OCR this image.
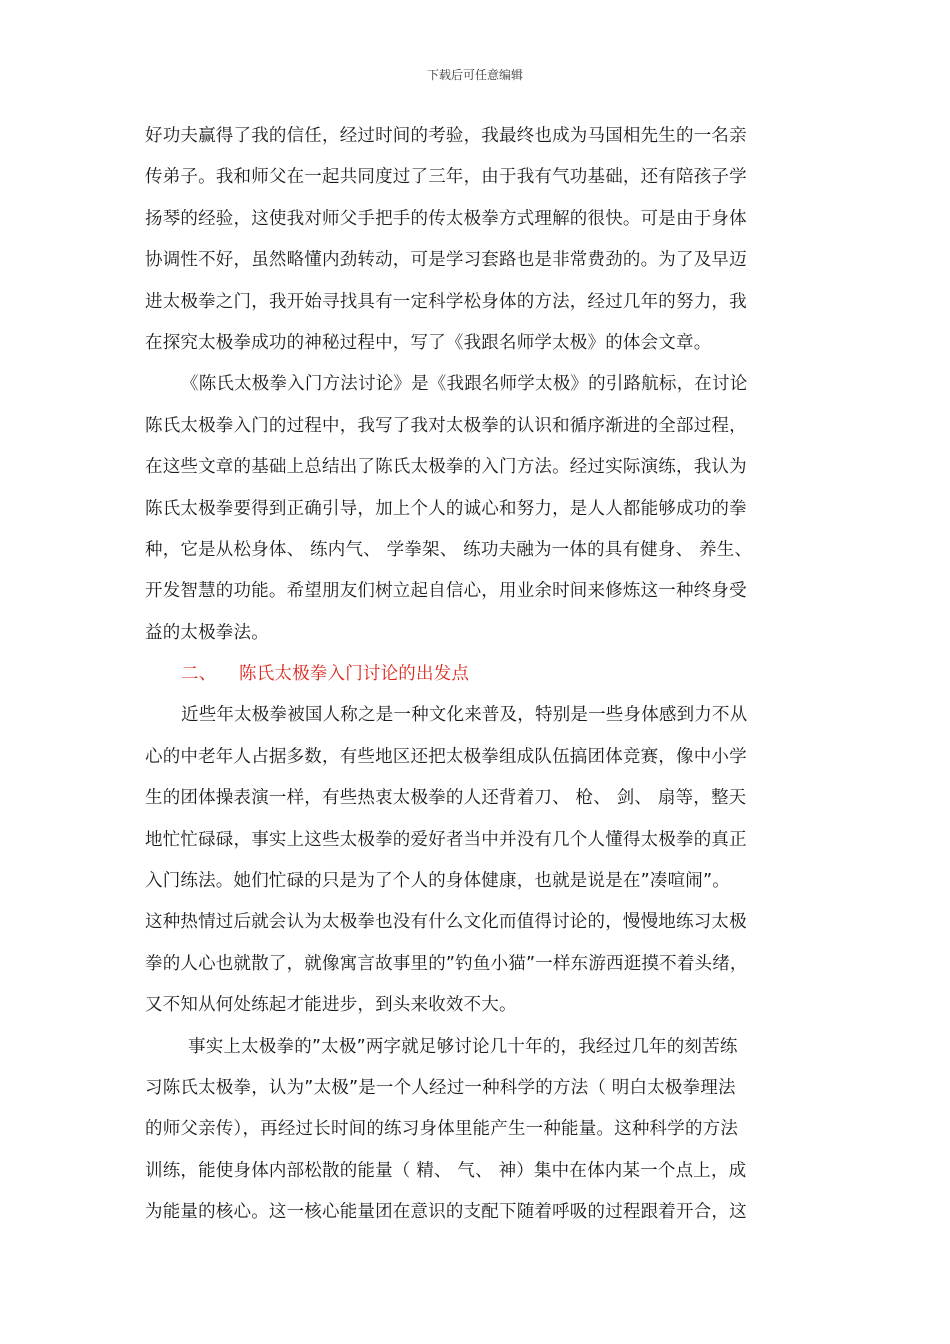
下载后可任意编辑
好功夫赢得了我的信任，经过时间的考验，我最终也成为马国相先生的一名亲
传弟子。我和师父在一起共同度过了三年，由于我有气功基础，还有陪孩子学
扬琴的经验，这使我对师父手把手的传太极拳方式理解的很快。可是由于身体
协调性不好，虽然略懂内劲转动，可是学习套路也是非常费劲的。为了及早迈
进太极拳之门，我开始寻找具有一定科学松身体的方法，经过几年的努力，我
在探究太极拳成功的神秘过程中，写了《我跟名师学太极》的体会文章。
《陈氏太极拳入门方法讨论》是《我跟名师学太极》的引路航标，在讨论
陈氏太极拳入门的过程中，我写了我对太极拳的认识和循序渐进的全部过程，
在这些文章的基础上总结出了陈氏太极拳的入门方法。经过实际演练，我认为
陈氏太极拳要得到正确引导，加上个人的诚心和努力，是人人都能够成功的拳
种，它是从松身体、 练内气、 学拳架、 练功夫融为一体的具有健身、 养生、
开发智慧的功能。希望朋友们树立起自信心，用业余时间来修炼这一种终身受
益的太极拳法。
二、 陈氏太极拳入门讨论的出发点
近些年太极拳被国人称之是一种文化来普及，特别是一些身体感到力不从
心的中老年人占据多数，有些地区还把太极拳组成队伍搞团体竞赛，像中小学
生的团体操表演一样，有些热衷太极拳的人还背着刀、 枪、 剑、 扇等，整天
地忙忙碌碌，事实上这些太极拳的爱好者当中并没有几个人懂得太极拳的真正
入门练法。她们忙碌的只是为了个人的身体健康，也就是说是在”凑喧闹”。
这种热情过后就会认为太极拳也没有什么文化而值得讨论的，慢慢地练习太极
拳的人心也就散了，就像寓言故事里的”钓鱼小猫”一样东游西逛摸不着头绪，
又不知从何处练起才能进步，到头来收效不大。
事实上太极拳的”太极”两字就足够讨论几十年的，我经过几年的刻苦练
习陈氏太极拳，认为”太极”是一个人经过一种科学的方法（ 明白太极拳理法
的师父亲传），再经过长时间的练习身体里能产生一种能量。这种科学的方法
训练，能使身体内部松散的能量（ 精、 气、 神）集中在体内某一个点上，成
为能量的核心。这一核心能量团在意识的支配下随着呼吸的过程跟着开合，这
